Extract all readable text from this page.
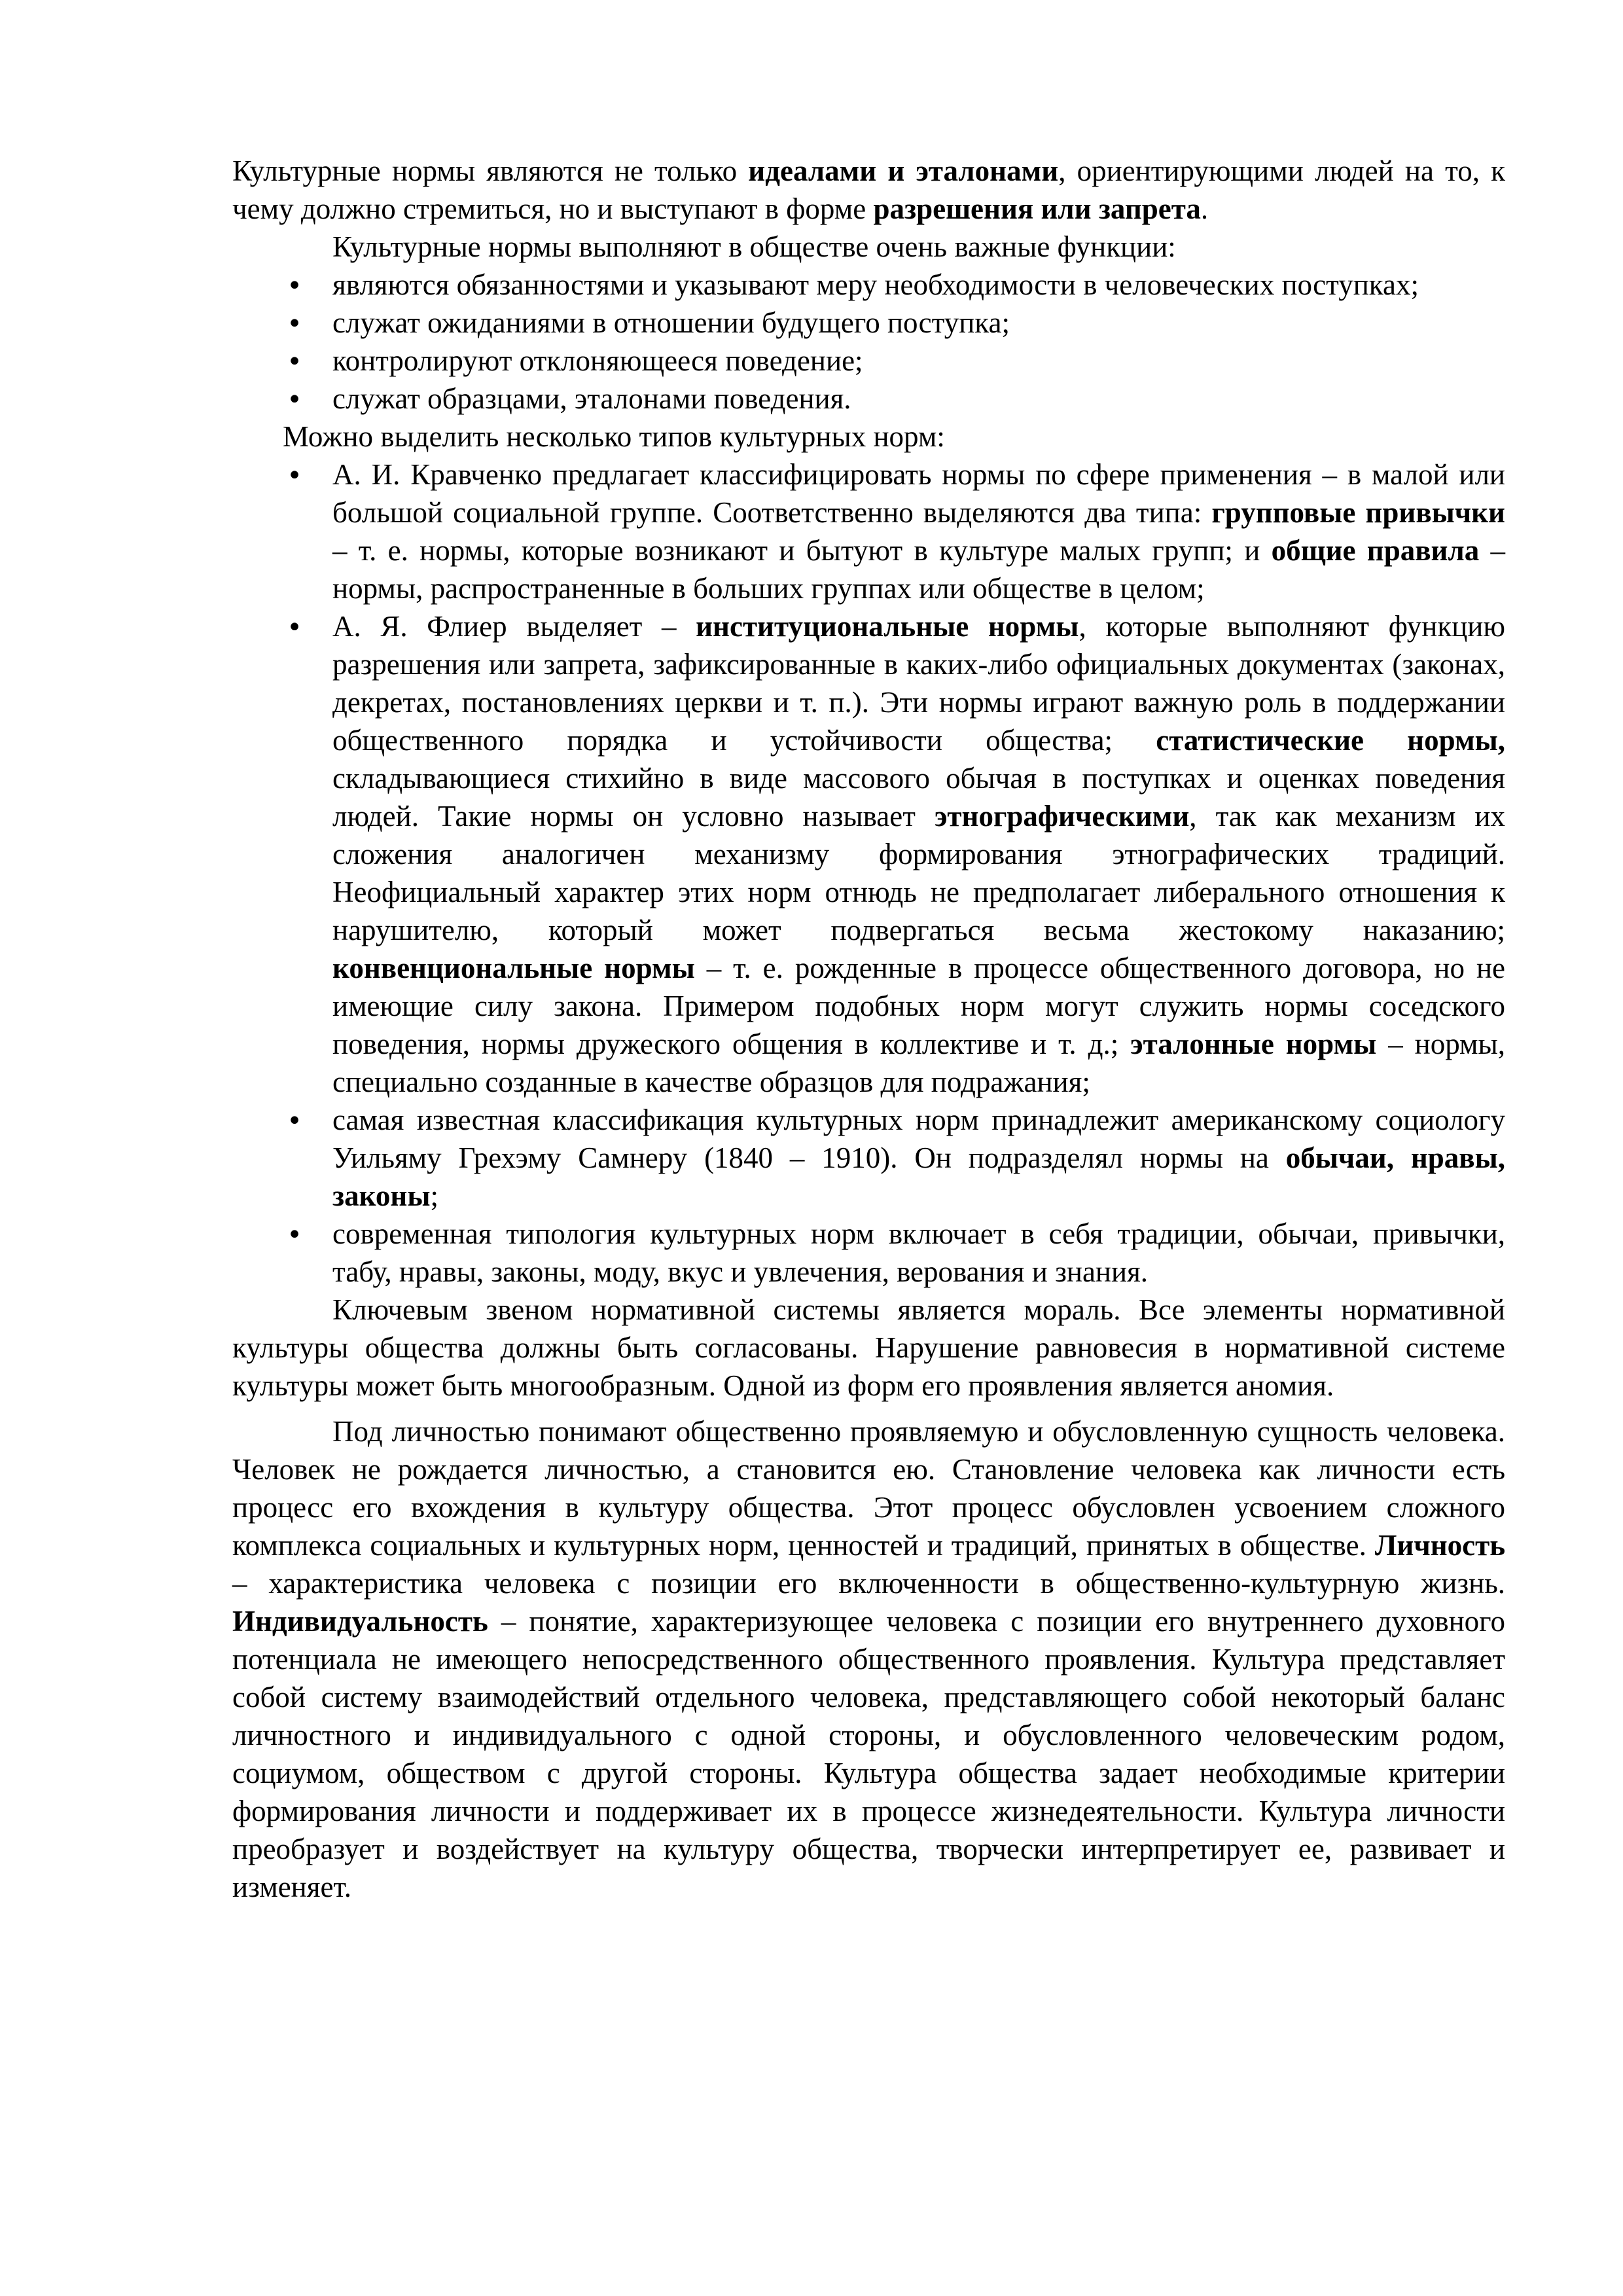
Культурные нормы являются не только идеалами и эталонами, ориентирующими людей на то, к чему должно стремиться, но и выступают в форме разрешения или запрета.

Культурные нормы выполняют в обществе очень важные функции:

•
являются обязанностями и указывают меру необходимости в человеческих поступках;
•
служат ожиданиями в отношении будущего поступка;
•
контролируют отклоняющееся поведение;
•
служат образцами, эталонами поведения.

Можно выделить несколько типов культурных норм:

•
А. И. Кравченко предлагает классифицировать нормы по сфере применения – в малой или большой социальной группе. Соответственно выделяются два типа: групповые привычки – т. е. нормы, которые возникают и бытуют в культуре малых групп; и общие правила – нормы, распространенные в больших группах или обществе в целом;
•
А. Я. Флиер выделяет – институциональные нормы, которые выполняют функцию разрешения или запрета, зафиксированные в каких-либо официальных документах (законах, декретах, постановлениях церкви и т. п.). Эти нормы играют важную роль в поддержании общественного порядка и устойчивости общества; статистические нормы, складывающиеся стихийно в виде массового обычая в поступках и оценках поведения людей. Такие нормы он условно называет этнографическими, так как механизм их сложения аналогичен механизму формирования этнографических традиций. Неофициальный характер этих норм отнюдь не предполагает либерального отношения к нарушителю, который может подвергаться весьма жестокому наказанию; конвенциональные нормы – т. е. рожденные в процессе общественного договора, но не имеющие силу закона. Примером подобных норм могут служить нормы соседского поведения, нормы дружеского общения в коллективе и т. д.; эталонные нормы – нормы, специально созданные в качестве образцов для подражания;
•
самая известная классификация культурных норм принадлежит американскому социологу Уильяму Грехэму Самнеру (1840 – 1910). Он подразделял нормы на обычаи, нравы, законы;
•
современная типология культурных норм включает в себя традиции, обычаи, привычки, табу, нравы, законы, моду, вкус и увлечения, верования и знания.

Ключевым звеном нормативной системы является мораль. Все элементы нормативной культуры общества должны быть согласованы. Нарушение равновесия в нормативной системе культуры может быть многообразным. Одной из форм его проявления является аномия.

Под личностью понимают общественно проявляемую и обусловленную сущность человека. Человек не рождается личностью, а становится ею. Становление человека как личности есть процесс его вхождения в культуру общества. Этот процесс обусловлен усвоением сложного комплекса социальных и культурных норм, ценностей и традиций, принятых в обществе. Личность – характеристика человека с позиции его включенности в общественно-культурную жизнь. Индивидуальность – понятие, характеризующее человека с позиции его внутреннего духовного потенциала не имеющего непосредственного общественного проявления. Культура представляет собой систему взаимодействий отдельного человека, представляющего собой некоторый баланс личностного и индивидуального с одной стороны, и обусловленного человеческим родом, социумом, обществом с другой стороны. Культура общества задает необходимые критерии формирования личности и поддерживает их в процессе жизнедеятельности. Культура личности преобразует и воздействует на культуру общества, творчески интерпретирует ее, развивает и изменяет.
